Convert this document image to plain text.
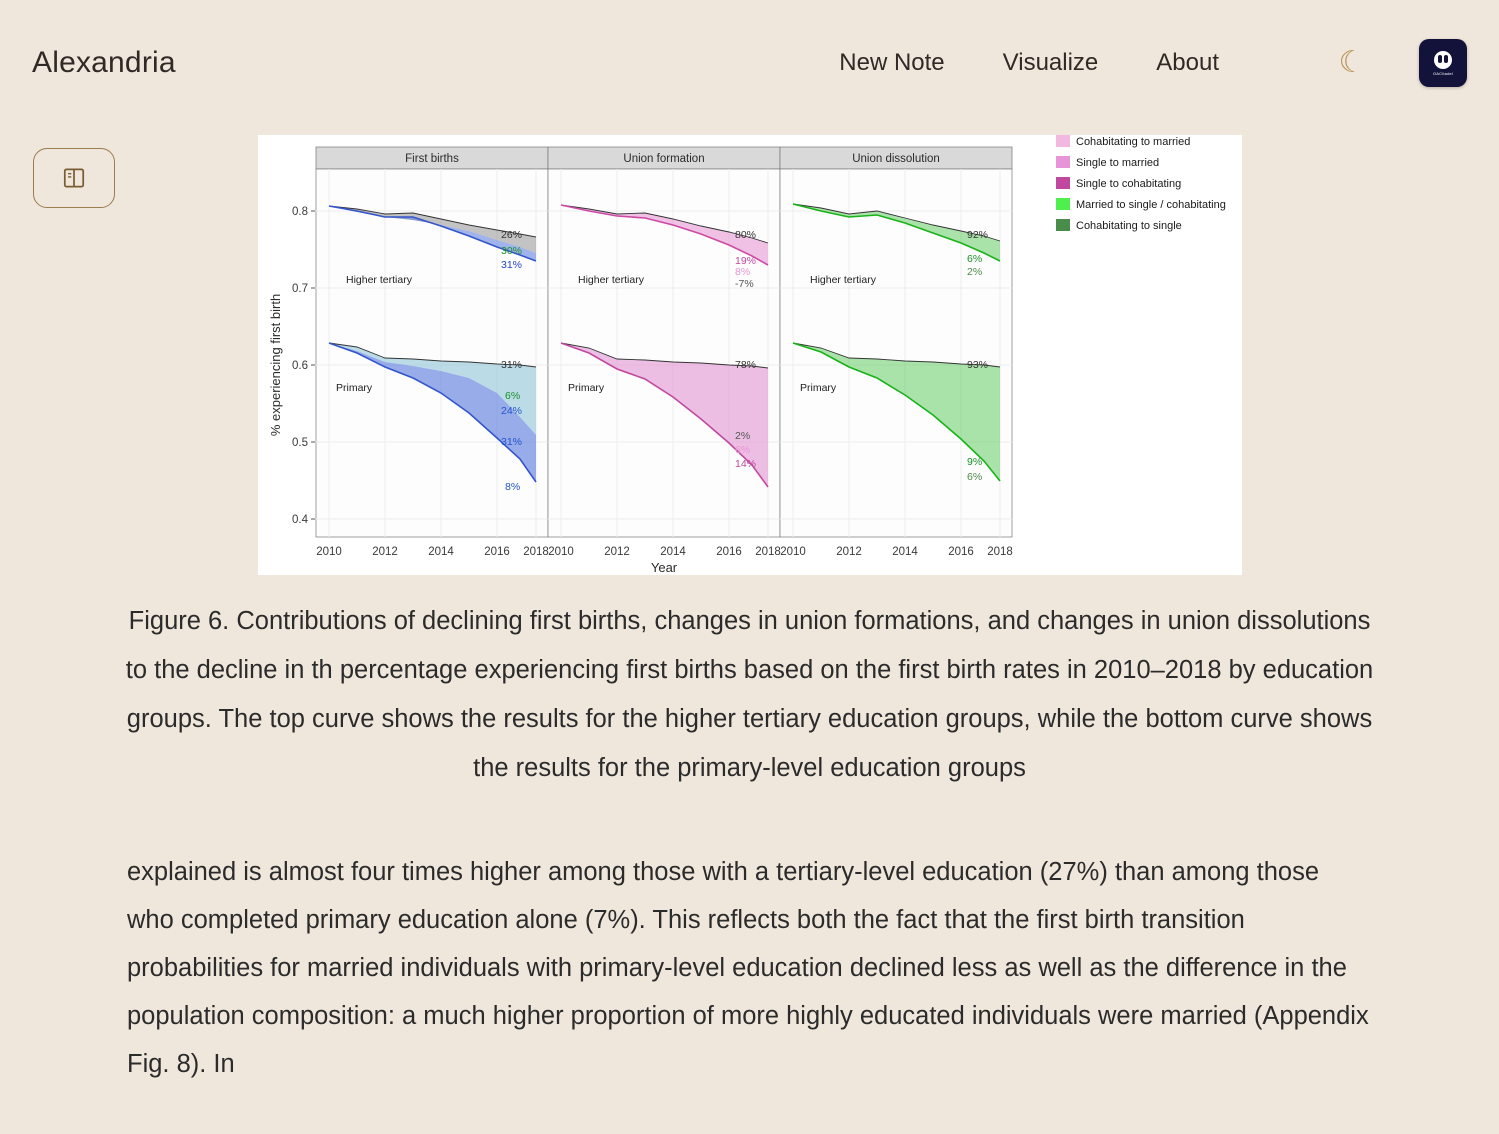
Alexandria	New Note Visualize About	☾	OACitadel
% experiencing first birth
0.8
0.7
0.6
0.5
0.4
First births
Higher tertiary
26%
30%
31%
Primary
31%
6%
24%
31%
8%
Union formation
Higher tertiary
80%
19%
8%
-7%
Primary
78%
2%
6%
14%
Union dissolution
Higher tertiary
92%
6%
2%
Primary
93%
9%
6%
2010	2012	2014	2016 2018 2010	2012	2014	2016 2018 2010	2012	2014	2016 2018
Year
Cohabitating to married
Single to married
Single to cohabitating
Married to single / cohabitating
Cohabitating to single
Figure 6. Contributions of declining first births, changes in union formations, and changes in union dissolutions to the decline in th percentage experiencing first births based on the first birth rates in 2010–2018 by education groups. The top curve shows the results for the higher tertiary education groups, while the bottom curve shows the results for the primary-level education groups
explained is almost four times higher among those with a tertiary-level education (27%) than among those who completed primary education alone (7%). This reflects both the fact that the first birth transition probabilities for married individuals with primary-level education declined less as well as the difference in the population composition: a much higher proportion of more highly educated individuals were married (Appendix Fig. 8). In
